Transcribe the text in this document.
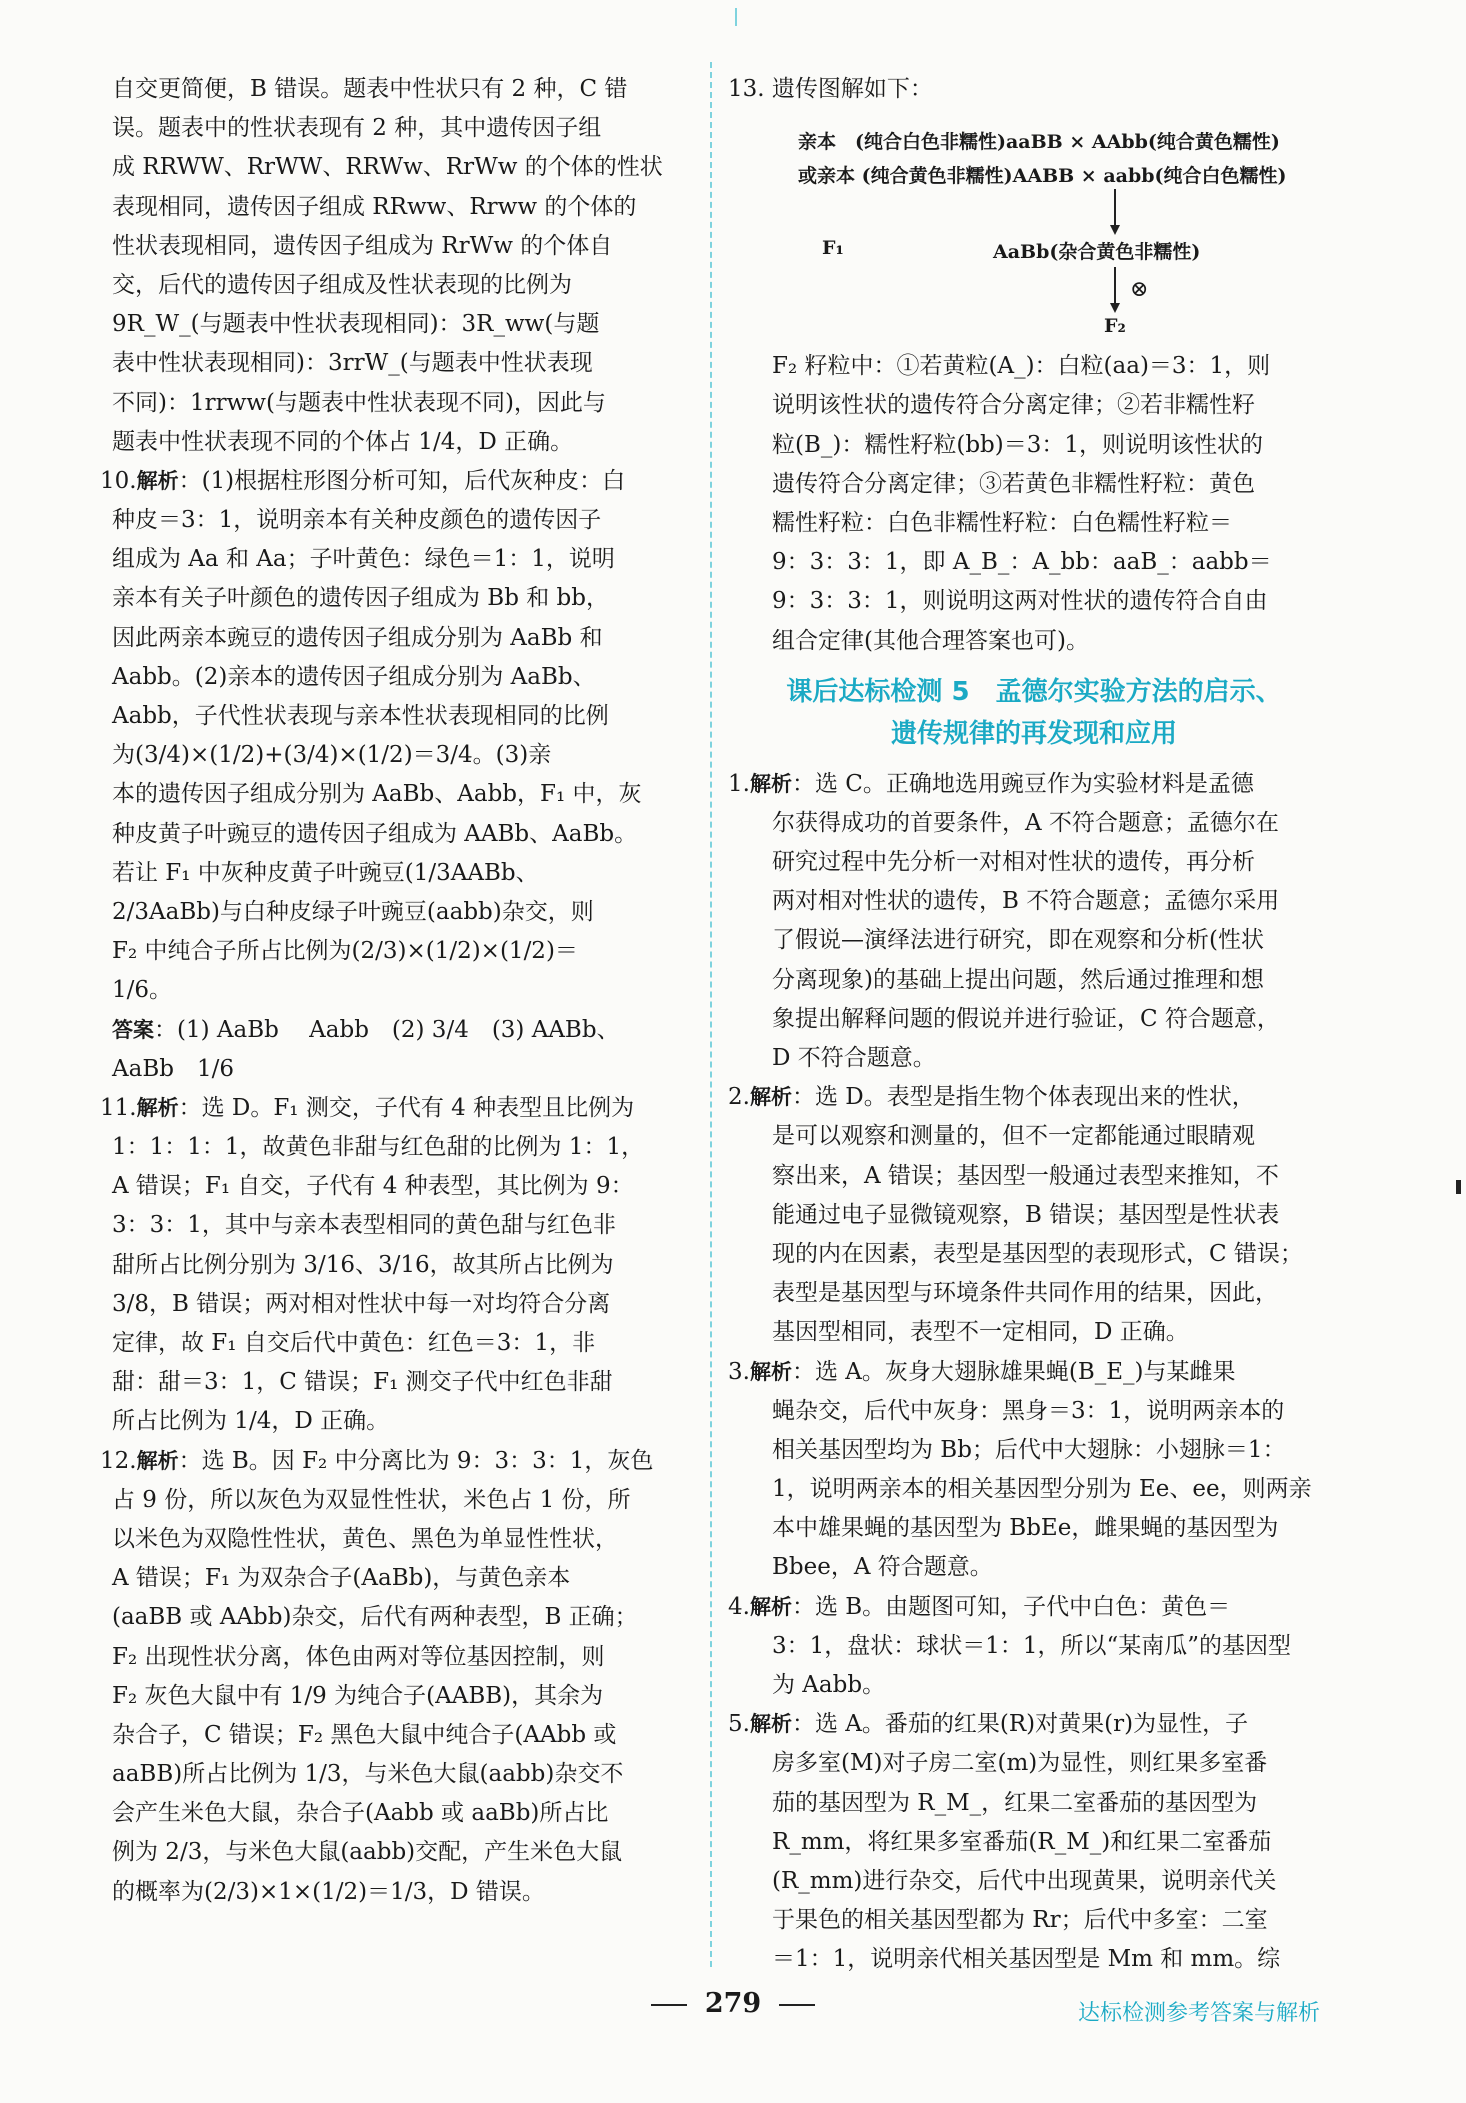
自交更简便，B 错误。题表中性状只有 2 种，C 错

误。题表中的性状表现有 2 种，其中遗传因子组

成 RRWW、RrWW、RRWw、RrWw 的个体的性状

表现相同，遗传因子组成 RRww、Rrww 的个体的

性状表现相同，遗传因子组成为 RrWw 的个体自

交，后代的遗传因子组成及性状表现的比例为

9R_W_(与题表中性状表现相同)：3R_ww(与题

表中性状表现相同)：3rrW_(与题表中性状表现

不同)：1rrww(与题表中性状表现不同)，因此与

题表中性状表现不同的个体占 1/4，D 正确。

10.解析：(1)根据柱形图分析可知，后代灰种皮：白

种皮＝3：1，说明亲本有关种皮颜色的遗传因子

组成为 Aa 和 Aa；子叶黄色：绿色＝1：1，说明

亲本有关子叶颜色的遗传因子组成为 Bb 和 bb，

因此两亲本豌豆的遗传因子组成分别为 AaBb 和

Aabb。(2)亲本的遗传因子组成分别为 AaBb、

Aabb，子代性状表现与亲本性状表现相同的比例

为(3/4)×(1/2)+(3/4)×(1/2)＝3/4。(3)亲

本的遗传因子组成分别为 AaBb、Aabb，F₁ 中，灰

种皮黄子叶豌豆的遗传因子组成为 AABb、AaBb。

若让 F₁ 中灰种皮黄子叶豌豆(1/3AABb、

2/3AaBb)与白种皮绿子叶豌豆(aabb)杂交，则

F₂ 中纯合子所占比例为(2/3)×(1/2)×(1/2)＝

1/6。

答案：(1) AaBb　 Aabb　(2) 3/4　(3) AABb、

AaBb　1/6

11.解析：选 D。F₁ 测交，子代有 4 种表型且比例为

1：1：1：1，故黄色非甜与红色甜的比例为 1：1，

A 错误；F₁ 自交，子代有 4 种表型，其比例为 9：

3：3：1，其中与亲本表型相同的黄色甜与红色非

甜所占比例分别为 3/16、3/16，故其所占比例为

3/8，B 错误；两对相对性状中每一对均符合分离

定律，故 F₁ 自交后代中黄色：红色＝3：1，非

甜：甜＝3：1，C 错误；F₁ 测交子代中红色非甜

所占比例为 1/4，D 正确。

12.解析：选 B。因 F₂ 中分离比为 9：3：3：1，灰色

占 9 份，所以灰色为双显性性状，米色占 1 份，所

以米色为双隐性性状，黄色、黑色为单显性性状，

A 错误；F₁ 为双杂合子(AaBb)，与黄色亲本

(aaBB 或 AAbb)杂交，后代有两种表型，B 正确；

F₂ 出现性状分离，体色由两对等位基因控制，则

F₂ 灰色大鼠中有 1/9 为纯合子(AABB)，其余为

杂合子，C 错误；F₂ 黑色大鼠中纯合子(AAbb 或

aaBB)所占比例为 1/3，与米色大鼠(aabb)杂交不

会产生米色大鼠，杂合子(Aabb 或 aaBb)所占比

例为 2/3，与米色大鼠(aabb)交配，产生米色大鼠

的概率为(2/3)×1×(1/2)＝1/3，D 错误。

13. 遗传图解如下：

亲本　(纯合白色非糯性)aaBB × AAbb(纯合黄色糯性)
或亲本 (纯合黄色非糯性)AABB × aabb(纯合白色糯性)
F₁	AaBb(杂合黄色非糯性)
⊗
F₂

F₂ 籽粒中：①若黄粒(A_)：白粒(aa)＝3：1，则

说明该性状的遗传符合分离定律；②若非糯性籽

粒(B_)：糯性籽粒(bb)＝3：1，则说明该性状的

遗传符合分离定律；③若黄色非糯性籽粒：黄色

糯性籽粒：白色非糯性籽粒：白色糯性籽粒＝

9：3：3：1，即 A_B_：A_bb：aaB_：aabb＝

9：3：3：1，则说明这两对性状的遗传符合自由

组合定律(其他合理答案也可)。

课后达标检测 5 孟德尔实验方法的启示、
遗传规律的再发现和应用

1.解析：选 C。正确地选用豌豆作为实验材料是孟德

尔获得成功的首要条件，A 不符合题意；孟德尔在

研究过程中先分析一对相对性状的遗传，再分析

两对相对性状的遗传，B 不符合题意；孟德尔采用

了假说—演绎法进行研究，即在观察和分析(性状

分离现象)的基础上提出问题，然后通过推理和想

象提出解释问题的假说并进行验证，C 符合题意，

D 不符合题意。

2.解析：选 D。表型是指生物个体表现出来的性状，

是可以观察和测量的，但不一定都能通过眼睛观

察出来，A 错误；基因型一般通过表型来推知，不

能通过电子显微镜观察，B 错误；基因型是性状表

现的内在因素，表型是基因型的表现形式，C 错误；

表型是基因型与环境条件共同作用的结果，因此，

基因型相同，表型不一定相同，D 正确。

3.解析：选 A。灰身大翅脉雄果蝇(B_E_)与某雌果

蝇杂交，后代中灰身：黑身＝3：1，说明两亲本的

相关基因型均为 Bb；后代中大翅脉：小翅脉＝1：

1，说明两亲本的相关基因型分别为 Ee、ee，则两亲

本中雄果蝇的基因型为 BbEe，雌果蝇的基因型为

Bbee，A 符合题意。

4.解析：选 B。由题图可知，子代中白色：黄色＝

3：1，盘状：球状＝1：1，所以“某南瓜”的基因型

为 Aabb。

5.解析：选 A。番茄的红果(R)对黄果(r)为显性，子

房多室(M)对子房二室(m)为显性，则红果多室番

茄的基因型为 R_M_，红果二室番茄的基因型为

R_mm，将红果多室番茄(R_M_)和红果二室番茄

(R_mm)进行杂交，后代中出现黄果，说明亲代关

于果色的相关基因型都为 Rr；后代中多室：二室

＝1：1，说明亲代相关基因型是 Mm 和 mm。综

279	达标检测参考答案与解析
